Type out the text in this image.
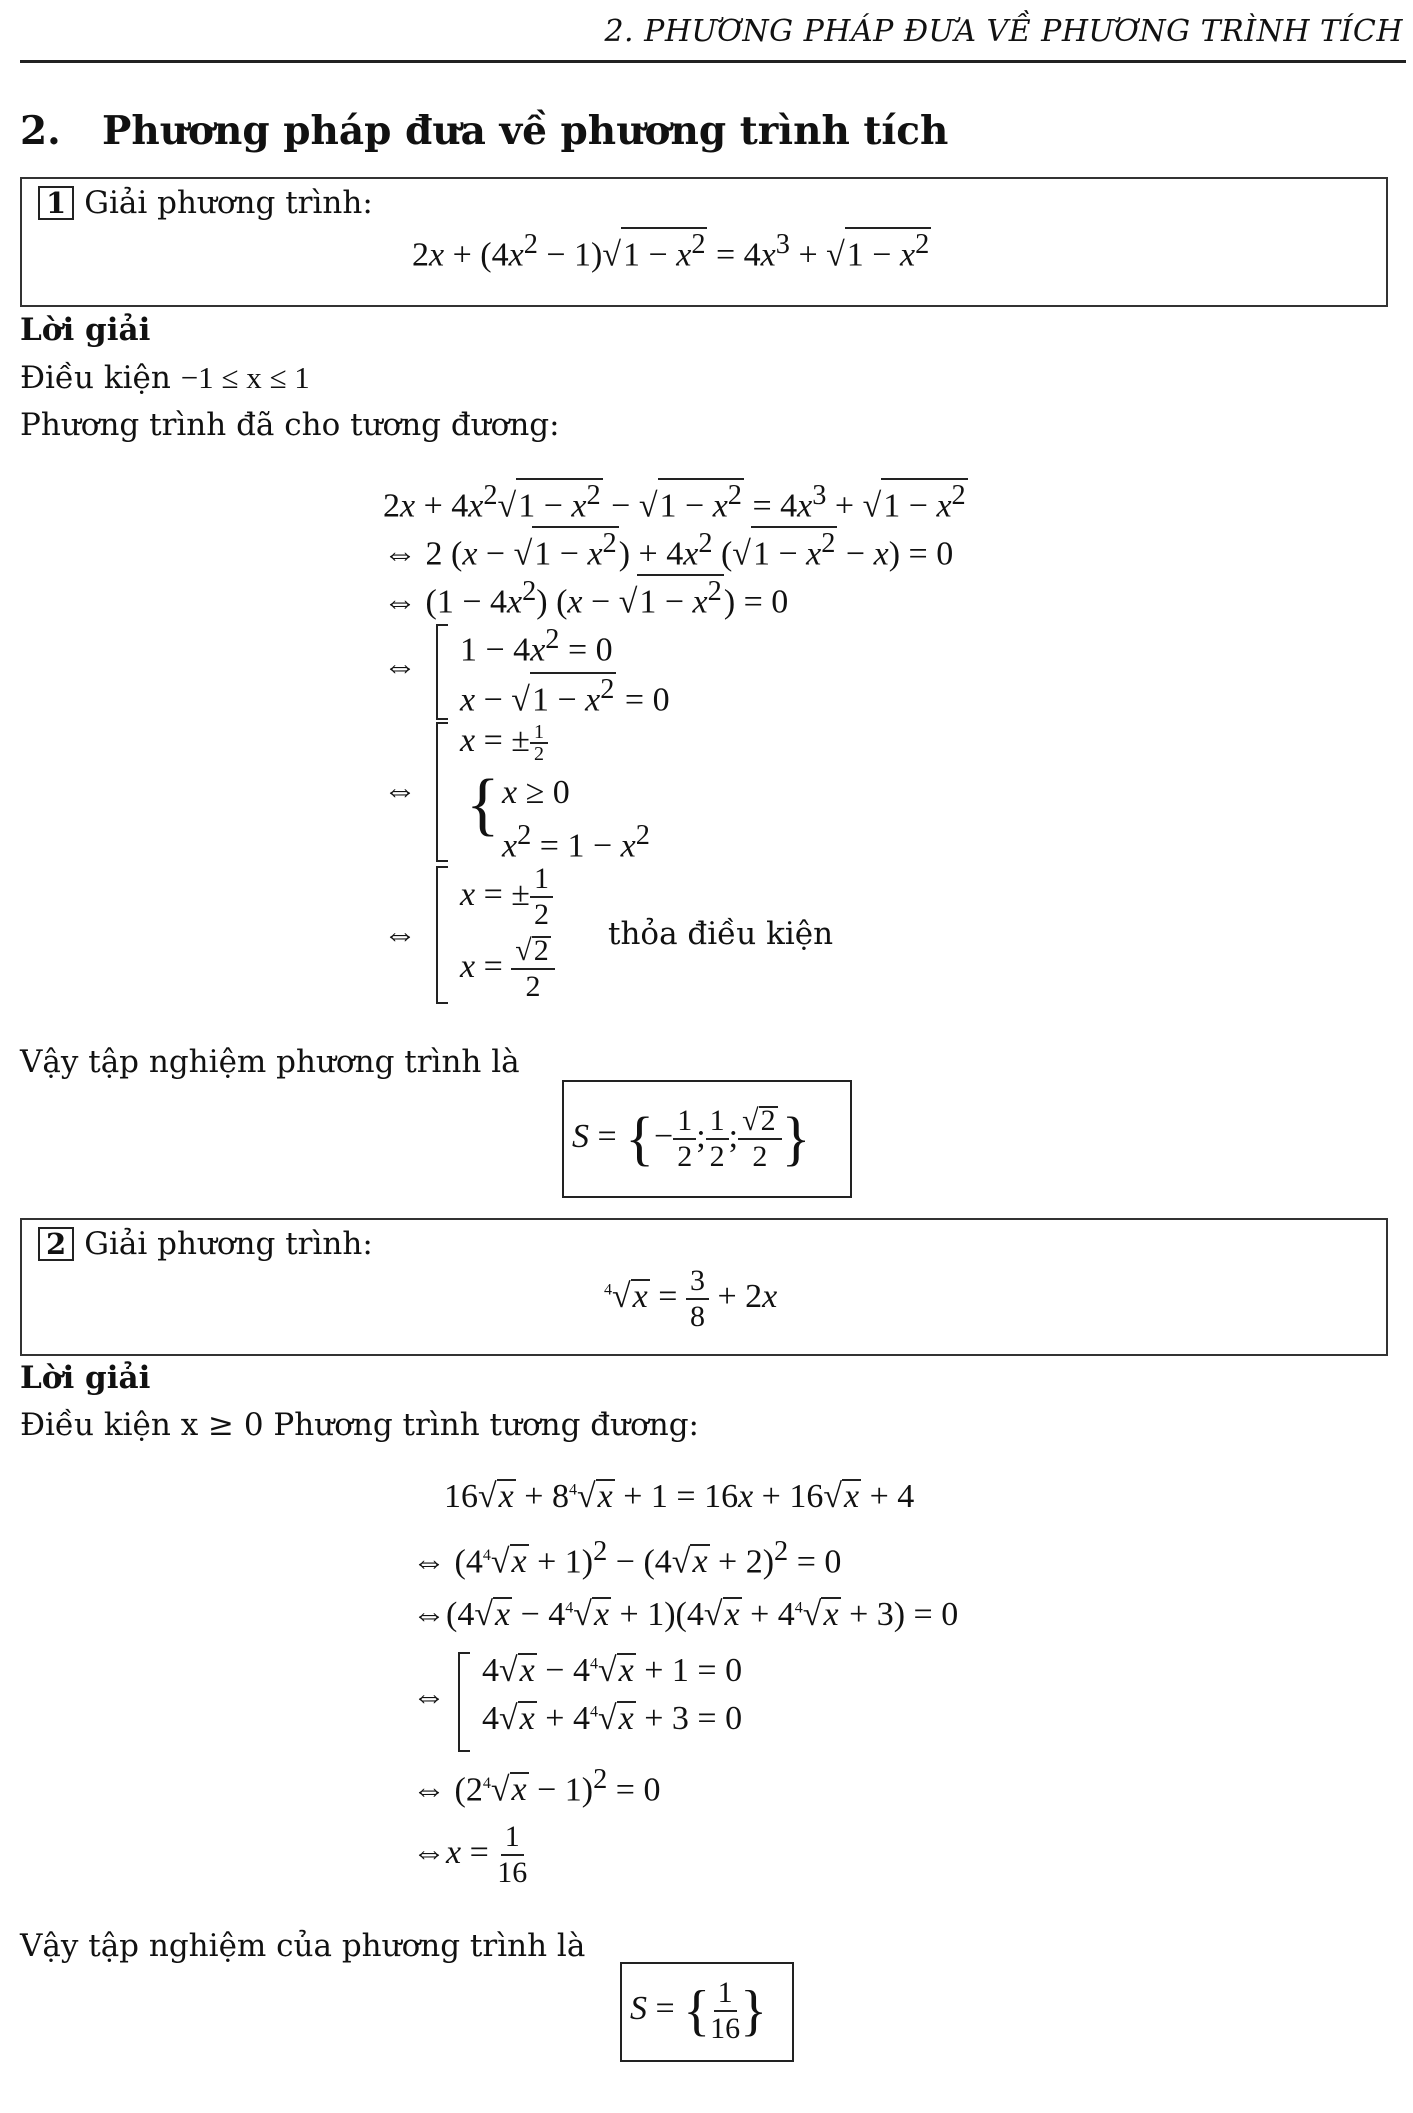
2. PHƯƠNG PHÁP ĐƯA VỀ PHƯƠNG TRÌNH TÍCH
2. Phương pháp đưa về phương trình tích
1 Giải phương trình:
$2x + (4x^2 - 1)√1 - x^2 = 4x^3 + √1 - x^2$
Lời giải
Điều kiện −1 ≤ x ≤ 1
Phương trình đã cho tương đương:
$2x + 4x^2√1 - x^2 - √1 - x^2 = 4x^3 + √1 - x^2$
⇔ 2 $(x - √1 - x^2) + 4x^2$ $(√1 - x^2 - x) = 0$
⇔ $(1 - 4x^2)$ $(x - √1 - x^2) = 0$
⇔ $1 - 4x^2 = 0$
$x - √1 - x^2 = 0$
⇔
x = ± $\frac{1}{2}$
{ x ≥ 0
$x^2 = 1 - x^2$
⇔
x = ± $\frac{1}{2}$
$x = \frac{√2}{2}$ thỏa điều kiện
Vậy tập nghiệm phương trình là
S = {− $\frac{1}{2}$ ; $\frac{1}{2}$ ; $\frac{√2}{2}$ }
2 Giải phương trình:
$^4√x = \frac{3}{8} + 2x$
Lời giải
Điều kiện x ≥ 0 Phương trình tương đương:
$16√x + 8^4√x + 1 = 16x + 16√x + 4$
⇔ $(4^4√x + 1)^2 - (4√x + 2)^2 = 0$
⇔(4√x − $4^4√x + 1)(4√x + 4^4√x + 3) = 0$
⇔
$4√x - 4^4√x + 1 = 0$
$4√x + 4^4√x + 3 = 0$
⇔ $(2^4√x - 1)^2 = 0$
⇔x = $\frac{1}{16}$
Vậy tập nghiệm của phương trình là
S = { $\frac{1}{16}$ }
